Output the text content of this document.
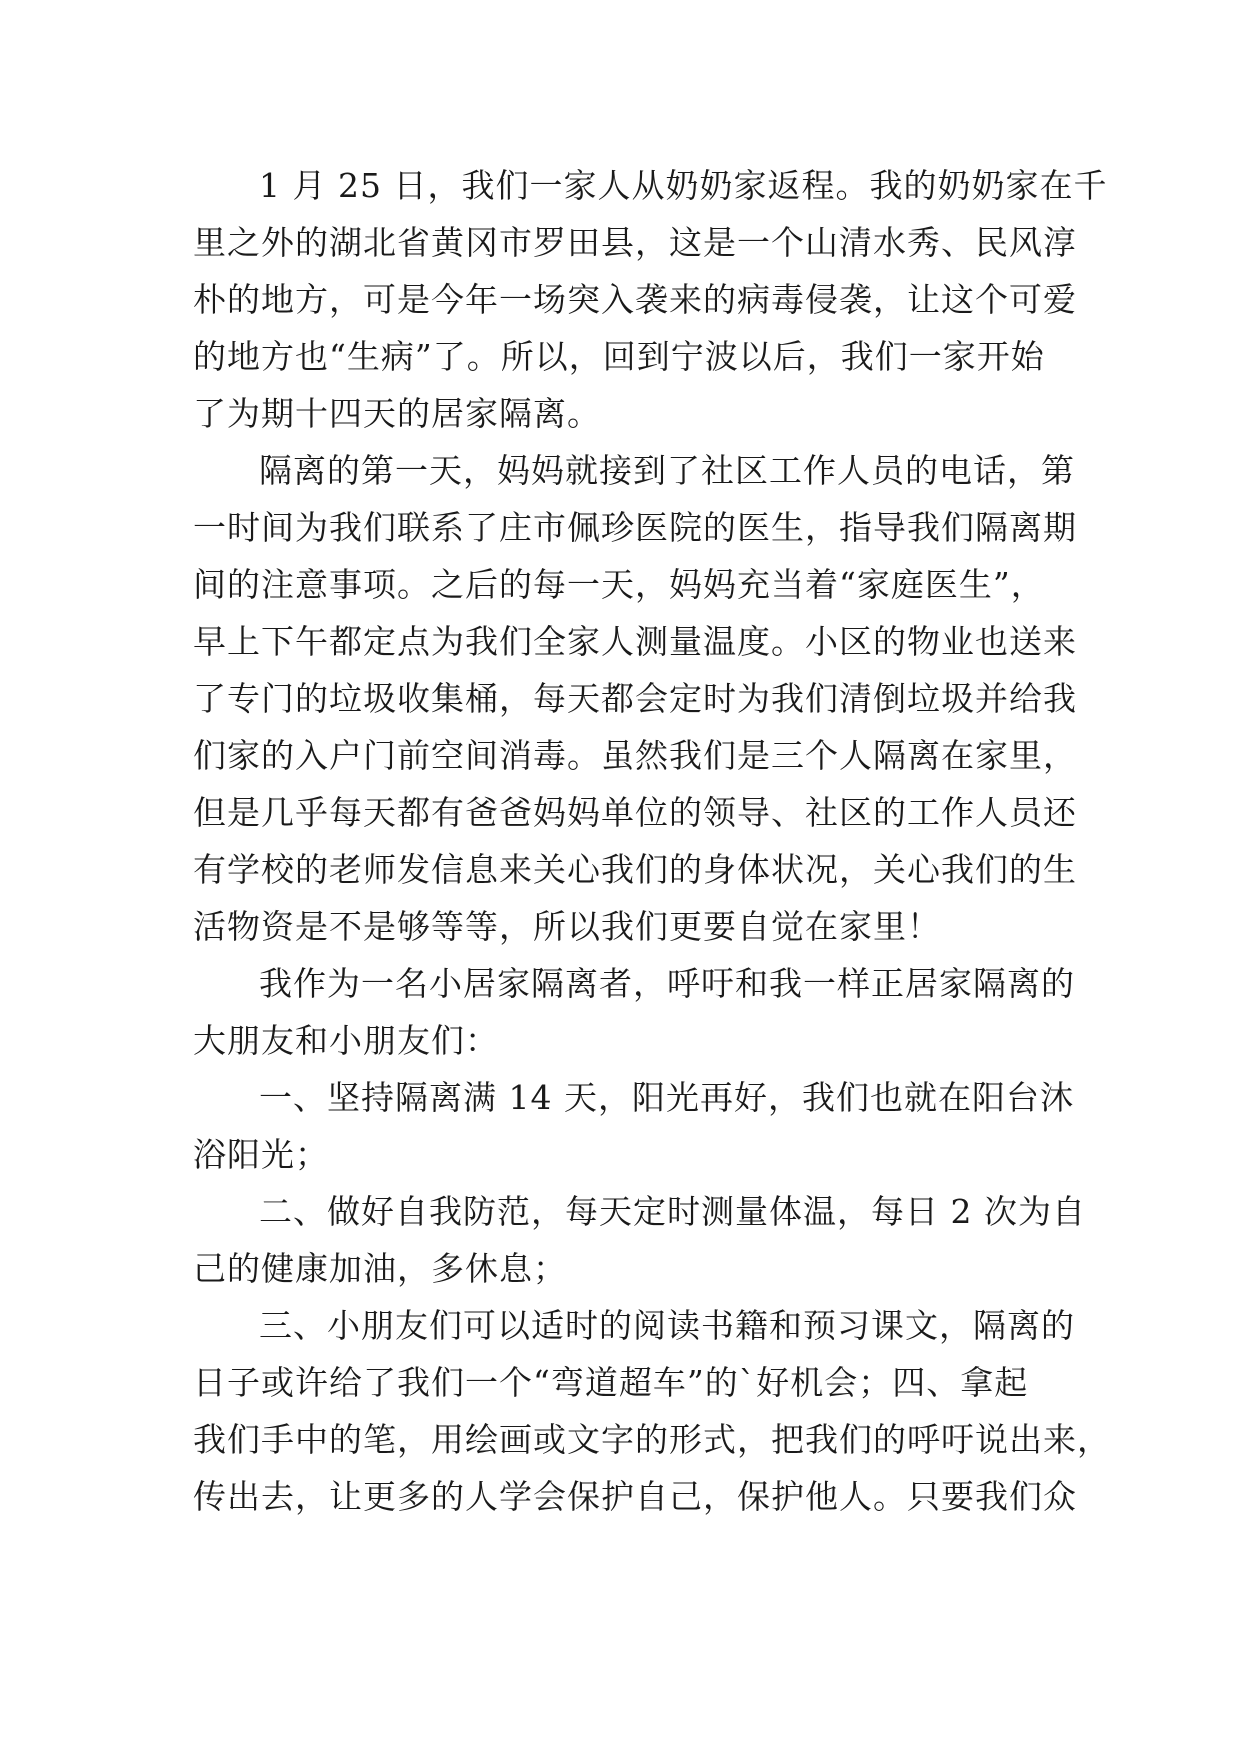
1 月 25 日，我们一家人从奶奶家返程。我的奶奶家在千
里之外的湖北省黄冈市罗田县，这是一个山清水秀、民风淳
朴的地方，可是今年一场突入袭来的病毒侵袭，让这个可爱
的地方也“生病”了。所以，回到宁波以后，我们一家开始
了为期十四天的居家隔离。
隔离的第一天，妈妈就接到了社区工作人员的电话，第
一时间为我们联系了庄市佩珍医院的医生，指导我们隔离期
间的注意事项。之后的每一天，妈妈充当着“家庭医生”，
早上下午都定点为我们全家人测量温度。小区的物业也送来
了专门的垃圾收集桶，每天都会定时为我们清倒垃圾并给我
们家的入户门前空间消毒。虽然我们是三个人隔离在家里，
但是几乎每天都有爸爸妈妈单位的领导、社区的工作人员还
有学校的老师发信息来关心我们的身体状况，关心我们的生
活物资是不是够等等，所以我们更要自觉在家里！
我作为一名小居家隔离者，呼吁和我一样正居家隔离的
大朋友和小朋友们：
一、坚持隔离满 14 天，阳光再好，我们也就在阳台沐
浴阳光；
二、做好自我防范，每天定时测量体温，每日 2 次为自
己的健康加油，多休息；
三、小朋友们可以适时的阅读书籍和预习课文，隔离的
日子或许给了我们一个“弯道超车”的`好机会；四、拿起
我们手中的笔，用绘画或文字的形式，把我们的呼吁说出来，
传出去，让更多的人学会保护自己，保护他人。只要我们众
